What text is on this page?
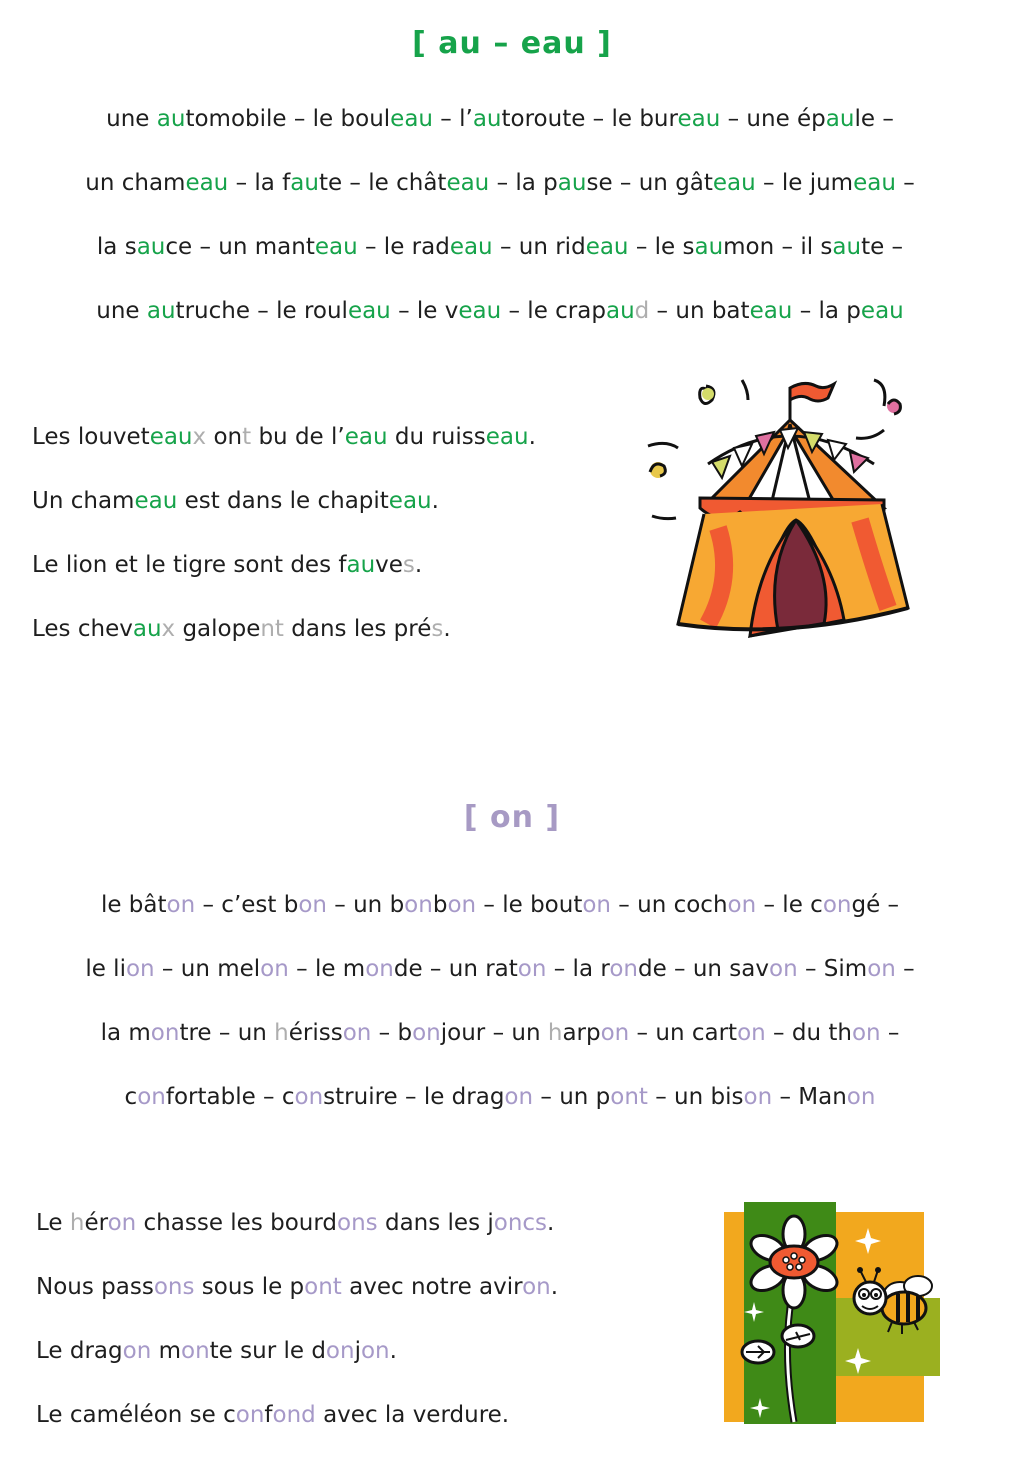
[ au – eau ]
une automobile – le bouleau – l’autoroute – le bureau – une épaule –
un chameau – la faute – le château – la pause – un gâteau – le jumeau –
la sauce – un manteau – le radeau – un rideau – le saumon – il saute –
une autruche – le rouleau – le veau – le crapaud – un bateau – la peau
Les louveteaux ont bu de l’eau du ruisseau.
Un chameau est dans le chapiteau.
Le lion et le tigre sont des fauves.
Les chevaux galopent dans les prés.
[ on ]
le bâton – c’est bon – un bonbon – le bouton – un cochon – le congé –
le lion – un melon – le monde – un raton – la ronde – un savon – Simon –
la montre – un hérisson – bonjour – un harpon – un carton – du thon –
confortable – construire – le dragon – un pont – un bison – Manon
Le héron chasse les bourdons dans les joncs.
Nous passons sous le pont avec notre aviron.
Le dragon monte sur le donjon.
Le caméléon se confond avec la verdure.
